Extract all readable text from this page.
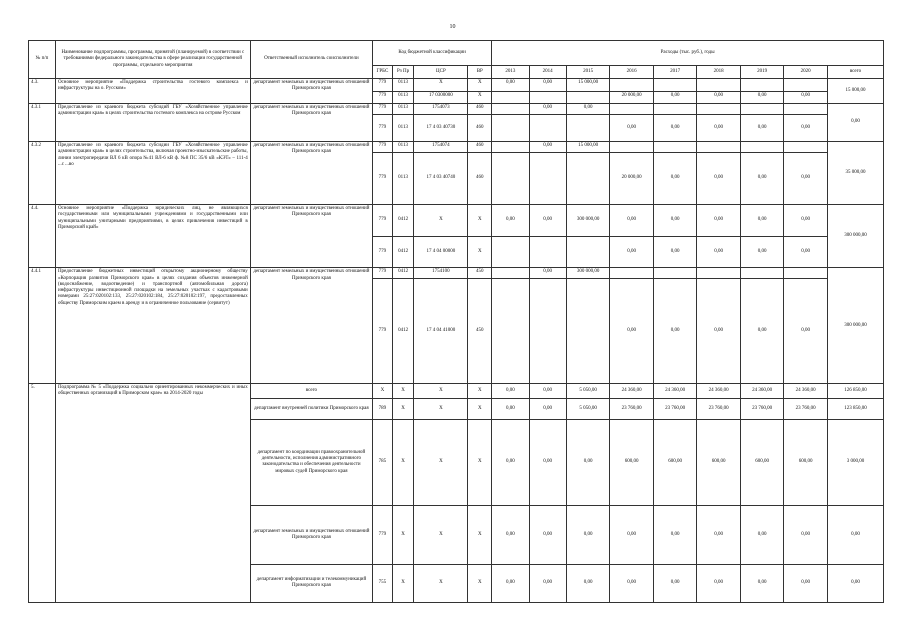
10
№ п/п	Наименование подпрограммы, программы, принятой (планируемой) в соответствии с требованиями федерального законодательства в сфере реализации государственной программы, отдельного мероприятия	Ответственный исполнитель соисполнители	Код бюджетной классификации				Расходы (тыс. руб.), годы								
			ГРБС	Рз Пр	ЦСР	ВР	2013	2014	2015	2016	2017	2018	2019	2020	всего
4.3.	Основное мероприятие «Поддержка строительства гостевого комплекса и инфраструктуры на о. Русском»	департамент земельных и имущественных отношений Приморского края	779	0113	X	X	0,00	0,00	15 000,00						15 000,00
			779	0113	17 0300000	X				20 000,00	0,00	0,00	0,00	0,00	
4.3.1	Предоставление из краевого бюджета субсидий ГБУ «Хозяйственное управление администрации края» в целях строительства гостевого комплекса на острове Русском	департамент земельных и имущественных отношений Приморского края	779	0113	1754073	460		0,00	0,00						0,00
			779	0113	17 4 03 40730	460				0,00	0,00	0,00	0,00	0,00	
4.3.2	Предоставление из краевого бюджета субсидии ГБУ «Хозяйственное управление администрации края» в целях строительства, включая проектно-изыскательские работы, линии электропередачи ВЛ 6 кВ опора №41 ВЛ-6 кВ ф. №8 ПС 35/6 кВ «КЭТ» – 111-4 ...с ...во	департамент земельных и имущественных отношений Приморского края	779	0113	1754074	460		0,00	15 000,00						35 000,00
			779	0113	17 4 03 40740	460				20 000,00	0,00	0,00	0,00	0,00	
4.4.	Основное мероприятие «Поддержка юридических лиц, не являющихся государственными или муниципальными учреждениями и государственными или муниципальными унитарными предприятиями, в целях привлечения инвестиций в Приморский край»	департамент земельных и имущественных отношений Приморского края	779	0412	X	X	0,00	0,00	300 000,00	0,00	0,00	0,00	0,00	0,00	300 000,00
			779	0412	17 4 04 00000	X				0,00	0,00	0,00	0,00	0,00	
4.4.1	Предоставление бюджетных инвестиций открытому акционерному обществу «Корпорация развития Приморского края» в целях создания объектов инженерной (водоснабжение, водоотведение) и транспортной (автомобильная дорога) инфраструктуры инвестиционной площадки на земельных участках с кадастровыми номерами 25:27:020102:133, 25:27:020102:184, 25:27:020102:197, предоставленных обществу Приморским краем в аренду и в ограниченное пользование (сервитут)	департамент земельных и имущественных отношений Приморского края	779	0412	1754100	450		0,00	300 000,00						300 000,00
			779	0412	17 4 04 41000	450				0,00	0,00	0,00	0,00	0,00	
5.	Подпрограмма № 5 «Поддержка социально ориентированных некоммерческих и иных общественных организаций в Приморском крае» на 2014-2020 годы	всего	X	X	X	X	0,00	0,00	5 050,00	24 360,00	24 360,00	24 360,00	24 360,00	24 360,00	126 850,00
		департамент внутренней политики Приморского края	789	X	X	X	0,00	0,00	5 050,00	23 760,00	23 760,00	23 760,00	23 760,00	23 760,00	123 850,00
		департамент по координации правоохранительной деятельности, исполнения административного законодательства и обеспечения деятельности мировых судей Приморского края	785	X	X	X	0,00	0,00	0,00	600,00	600,00	600,00	600,00	600,00	3 000,00
		департамент земельных и имущественных отношений Приморского края	779	X	X	X	0,00	0,00	0,00	0,00	0,00	0,00	0,00	0,00	0,00
		департамент информатизации и телекоммуникаций Приморского края	755	X	X	X	0,00	0,00	0,00	0,00	0,00	0,00	0,00	0,00	0,00
